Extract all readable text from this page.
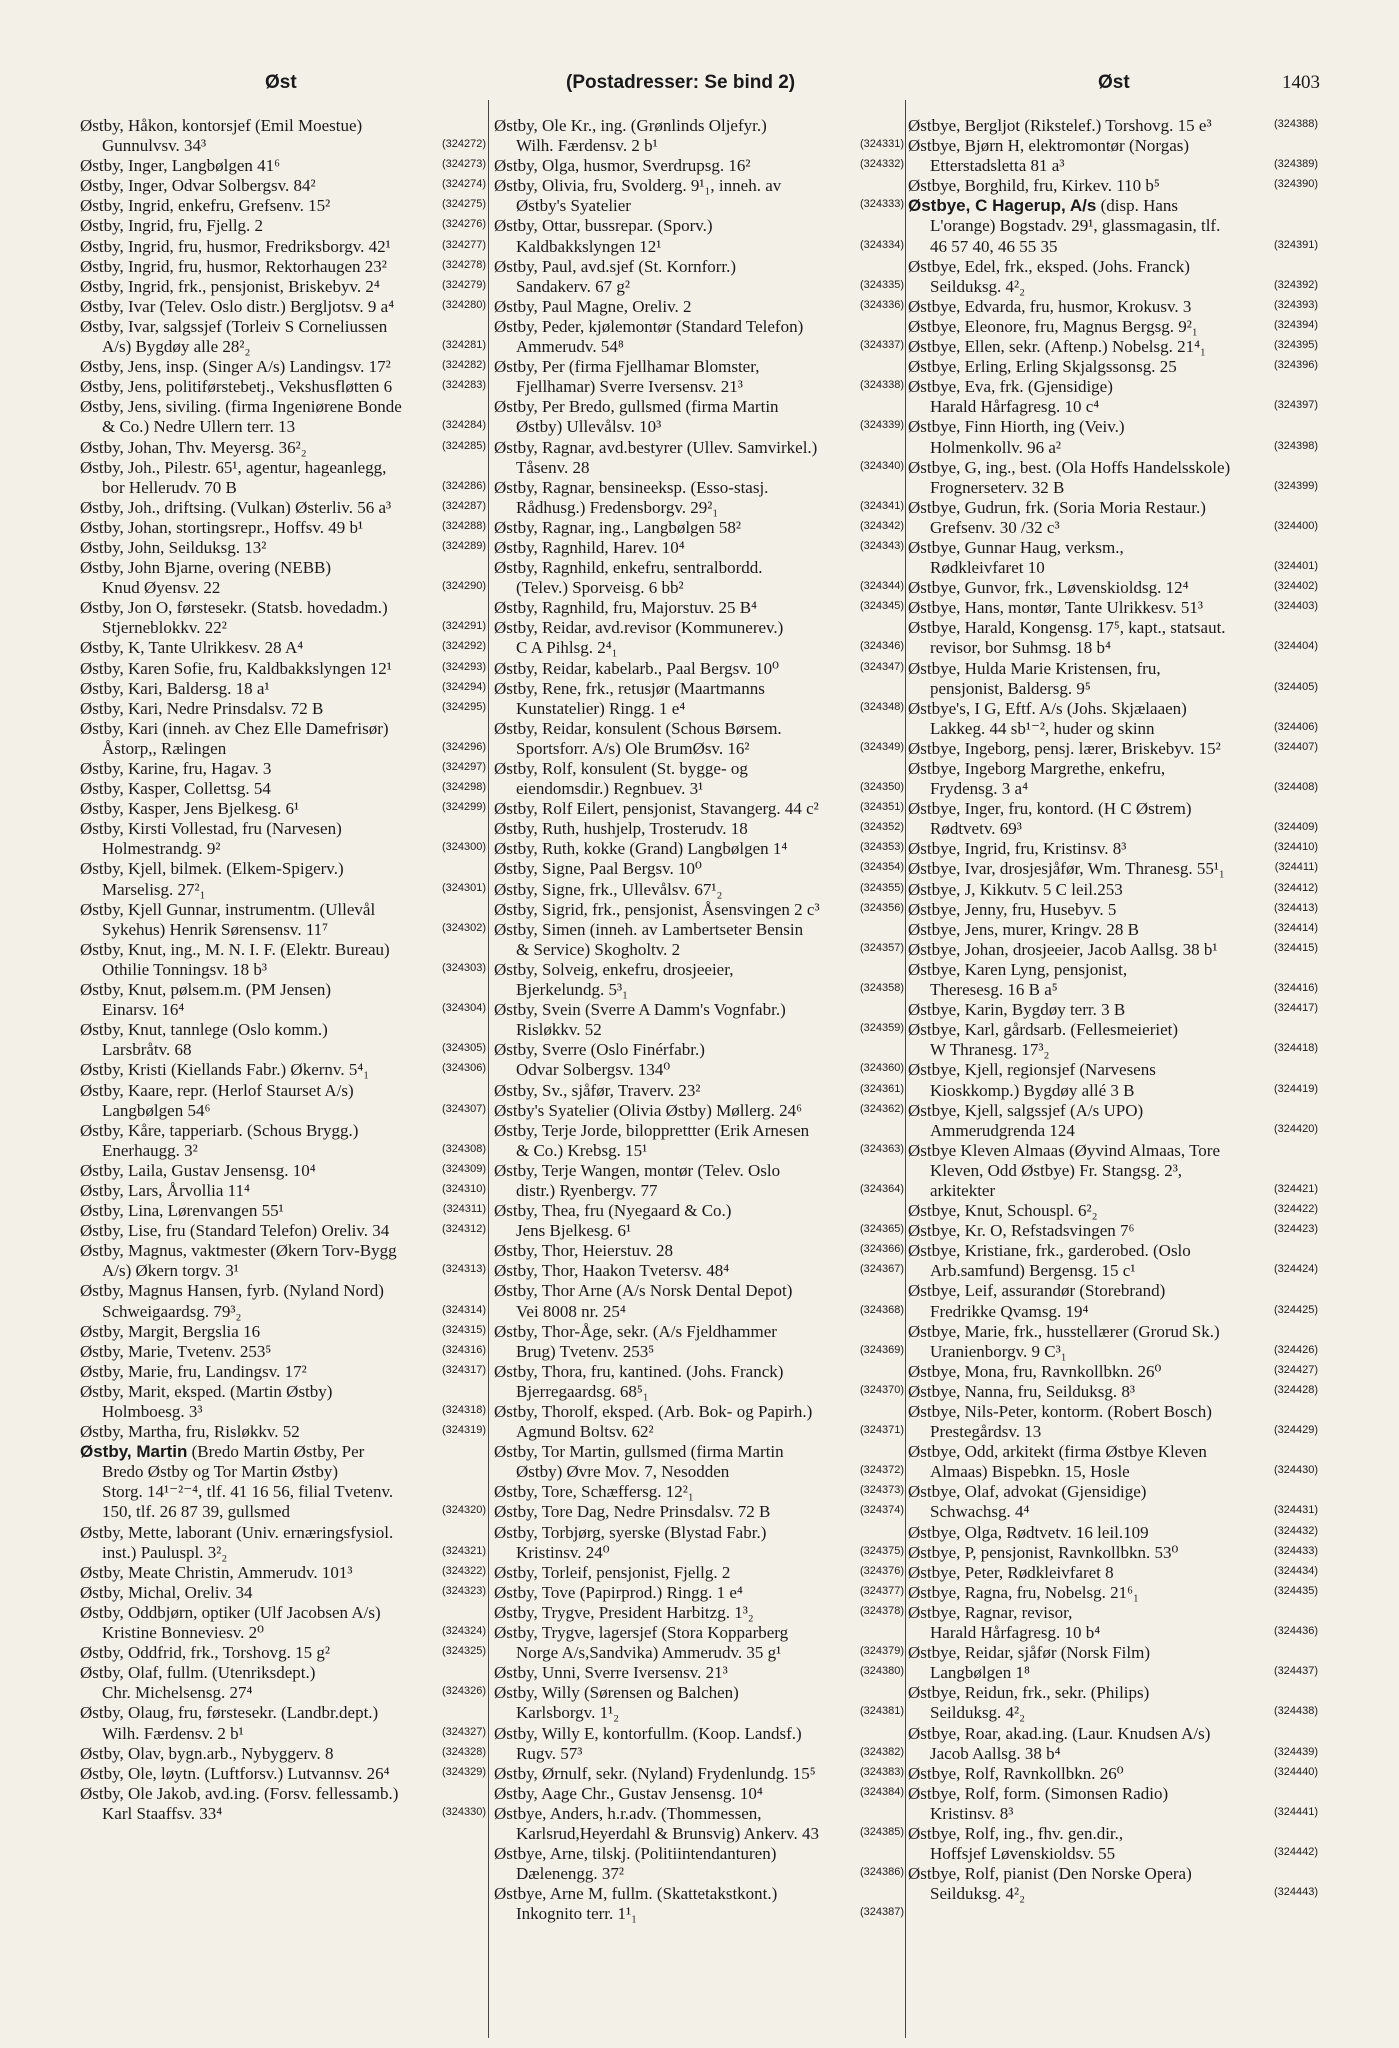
Øst	(Postadresser: Se bind 2)	Øst	1403
Østby, Håkon, kontorsjef (Emil Moestue)
Gunnulvsv. 34³	(324272)
Østby, Inger, Langbølgen 41⁶	(324273)
Østby, Inger, Odvar Solbergsv. 84²	(324274)
Østby, Ingrid, enkefru, Grefsenv. 15²	(324275)
Østby, Ingrid, fru, Fjellg. 2	(324276)
Østby, Ingrid, fru, husmor, Fredriksborgv. 42¹	(324277)
Østby, Ingrid, fru, husmor, Rektorhaugen 23²	(324278)
Østby, Ingrid, frk., pensjonist, Briskebyv. 2⁴	(324279)
Østby, Ivar (Telev. Oslo distr.) Bergljotsv. 9 a⁴	(324280)
Østby, Ivar, salgssjef (Torleiv S Corneliussen
A/s) Bygdøy alle 28²₂	(324281)
Østby, Jens, insp. (Singer A/s) Landingsv. 17²	(324282)
Østby, Jens, politiførstebetj., Vekshusfløtten 6	(324283)
Østby, Jens, siviling. (firma Ingeniørene Bonde
& Co.) Nedre Ullern terr. 13	(324284)
Østby, Johan, Thv. Meyersg. 36²₂	(324285)
Østby, Joh., Pilestr. 65¹, agentur, hageanlegg,
bor Hellerudv. 70 B	(324286)
Østby, Joh., driftsing. (Vulkan) Østerliv. 56 a³	(324287)
Østby, Johan, stortingsrepr., Hoffsv. 49 b¹	(324288)
Østby, John, Seilduksg. 13²	(324289)
Østby, John Bjarne, overing (NEBB)
Knud Øyensv. 22	(324290)
Østby, Jon O, førstesekr. (Statsb. hovedadm.)
Stjerneblokkv. 22²	(324291)
Østby, K, Tante Ulrikkesv. 28 A⁴	(324292)
Østby, Karen Sofie, fru, Kaldbakkslyngen 12¹	(324293)
Østby, Kari, Baldersg. 18 a¹	(324294)
Østby, Kari, Nedre Prinsdalsv. 72 B	(324295)
Østby, Kari (inneh. av Chez Elle Damefrisør)
Åstorp,, Rælingen	(324296)
Østby, Karine, fru, Hagav. 3	(324297)
Østby, Kasper, Collettsg. 54	(324298)
Østby, Kasper, Jens Bjelkesg. 6¹	(324299)
Østby, Kirsti Vollestad, fru (Narvesen)
Holmestrandg. 9²	(324300)
Østby, Kjell, bilmek. (Elkem-Spigerv.)
Marselisg. 27²₁	(324301)
Østby, Kjell Gunnar, instrumentm. (Ullevål
Sykehus) Henrik Sørensensv. 11⁷	(324302)
Østby, Knut, ing., M. N. I. F. (Elektr. Bureau)
Othilie Tonningsv. 18 b³	(324303)
Østby, Knut, pølsem.m. (PM Jensen)
Einarsv. 16⁴	(324304)
Østby, Knut, tannlege (Oslo komm.)
Larsbråtv. 68	(324305)
Østby, Kristi (Kiellands Fabr.) Økernv. 5⁴₁	(324306)
Østby, Kaare, repr. (Herlof Staurset A/s)
Langbølgen 54⁶	(324307)
Østby, Kåre, tapperiarb. (Schous Brygg.)
Enerhaugg. 3²	(324308)
Østby, Laila, Gustav Jensensg. 10⁴	(324309)
Østby, Lars, Årvollia 11⁴	(324310)
Østby, Lina, Lørenvangen 55¹	(324311)
Østby, Lise, fru (Standard Telefon) Oreliv. 34	(324312)
Østby, Magnus, vaktmester (Økern Torv-Bygg
A/s) Økern torgv. 3¹	(324313)
Østby, Magnus Hansen, fyrb. (Nyland Nord)
Schweigaardsg. 79³₂	(324314)
Østby, Margit, Bergslia 16	(324315)
Østby, Marie, Tvetenv. 253⁵	(324316)
Østby, Marie, fru, Landingsv. 17²	(324317)
Østby, Marit, eksped. (Martin Østby)
Holmboesg. 3³	(324318)
Østby, Martha, fru, Risløkkv. 52	(324319)
Østby, Martin (Bredo Martin Østby, Per
Bredo Østby og Tor Martin Østby)
Storg. 14¹⁻²⁻⁴, tlf. 41 16 56, filial Tvetenv.
150, tlf. 26 87 39, gullsmed	(324320)
Østby, Mette, laborant (Univ. ernæringsfysiol.
inst.) Pauluspl. 3²₂	(324321)
Østby, Meate Christin, Ammerudv. 101³	(324322)
Østby, Michal, Oreliv. 34	(324323)
Østby, Oddbjørn, optiker (Ulf Jacobsen A/s)
Kristine Bonneviesv. 2⁰	(324324)
Østby, Oddfrid, frk., Torshovg. 15 g²	(324325)
Østby, Olaf, fullm. (Utenriksdept.)
Chr. Michelsensg. 27⁴	(324326)
Østby, Olaug, fru, førstesekr. (Landbr.dept.)
Wilh. Færdensv. 2 b¹	(324327)
Østby, Olav, bygn.arb., Nybyggerv. 8	(324328)
Østby, Ole, løytn. (Luftforsv.) Lutvannsv. 26⁴	(324329)
Østby, Ole Jakob, avd.ing. (Forsv. fellessamb.)
Karl Staaffsv. 33⁴	(324330)
Østby, Ole Kr., ing. (Grønlinds Oljefyr.)
Wilh. Færdensv. 2 b¹	(324331)
Østby, Olga, husmor, Sverdrupsg. 16²	(324332)
Østby, Olivia, fru, Svolderg. 9¹₁, inneh. av
Østby's Syatelier	(324333)
Østby, Ottar, bussrepar. (Sporv.)
Kaldbakkslyngen 12¹	(324334)
Østby, Paul, avd.sjef (St. Kornforr.)
Sandakerv. 67 g²	(324335)
Østby, Paul Magne, Oreliv. 2	(324336)
Østby, Peder, kjølemontør (Standard Telefon)
Ammerudv. 54⁸	(324337)
Østby, Per (firma Fjellhamar Blomster,
Fjellhamar) Sverre Iversensv. 21³	(324338)
Østby, Per Bredo, gullsmed (firma Martin
Østby) Ullevålsv. 10³	(324339)
Østby, Ragnar, avd.bestyrer (Ullev. Samvirkel.)
Tåsenv. 28	(324340)
Østby, Ragnar, bensineeksp. (Esso-stasj.
Rådhusg.) Fredensborgv. 29²₁	(324341)
Østby, Ragnar, ing., Langbølgen 58²	(324342)
Østby, Ragnhild, Harev. 10⁴	(324343)
Østby, Ragnhild, enkefru, sentralbordd.
(Telev.) Sporveisg. 6 bb²	(324344)
Østby, Ragnhild, fru, Majorstuv. 25 B⁴	(324345)
Østby, Reidar, avd.revisor (Kommunerev.)
C A Pihlsg. 2⁴₁	(324346)
Østby, Reidar, kabelarb., Paal Bergsv. 10⁰	(324347)
Østby, Rene, frk., retusjør (Maartmanns
Kunstatelier) Ringg. 1 e⁴	(324348)
Østby, Reidar, konsulent (Schous Børsem.
Sportsforr. A/s) Ole BrumØsv. 16²	(324349)
Østby, Rolf, konsulent (St. bygge- og
eiendomsdir.) Regnbuev. 3¹	(324350)
Østby, Rolf Eilert, pensjonist, Stavangerg. 44 c²	(324351)
Østby, Ruth, hushjelp, Trosterudv. 18	(324352)
Østby, Ruth, kokke (Grand) Langbølgen 1⁴	(324353)
Østby, Signe, Paal Bergsv. 10⁰	(324354)
Østby, Signe, frk., Ullevålsv. 67¹₂	(324355)
Østby, Sigrid, frk., pensjonist, Åsensvingen 2 c³	(324356)
Østby, Simen (inneh. av Lambertseter Bensin
& Service) Skogholtv. 2	(324357)
Østby, Solveig, enkefru, drosjeeier,
Bjerkelundg. 5³₁	(324358)
Østby, Svein (Sverre A Damm's Vognfabr.)
Risløkkv. 52	(324359)
Østby, Sverre (Oslo Finérfabr.)
Odvar Solbergsv. 134⁰	(324360)
Østby, Sv., sjåfør, Traverv. 23²	(324361)
Østby's Syatelier (Olivia Østby) Møllerg. 24⁶	(324362)
Østby, Terje Jorde, bilopprettter (Erik Arnesen
& Co.) Krebsg. 15¹	(324363)
Østby, Terje Wangen, montør (Telev. Oslo
distr.) Ryenbergv. 77	(324364)
Østby, Thea, fru (Nyegaard & Co.)
Jens Bjelkesg. 6¹	(324365)
Østby, Thor, Heierstuv. 28	(324366)
Østby, Thor, Haakon Tvetersv. 48⁴	(324367)
Østby, Thor Arne (A/s Norsk Dental Depot)
Vei 8008 nr. 25⁴	(324368)
Østby, Thor-Åge, sekr. (A/s Fjeldhammer
Brug) Tvetenv. 253⁵	(324369)
Østby, Thora, fru, kantined. (Johs. Franck)
Bjerregaardsg. 68⁵₁	(324370)
Østby, Thorolf, eksped. (Arb. Bok- og Papirh.)
Agmund Boltsv. 62²	(324371)
Østby, Tor Martin, gullsmed (firma Martin
Østby) Øvre Mov. 7, Nesodden	(324372)
Østby, Tore, Schæffersg. 12²₁	(324373)
Østby, Tore Dag, Nedre Prinsdalsv. 72 B	(324374)
Østby, Torbjørg, syerske (Blystad Fabr.)
Kristinsv. 24⁰	(324375)
Østby, Torleif, pensjonist, Fjellg. 2	(324376)
Østby, Tove (Papirprod.) Ringg. 1 e⁴	(324377)
Østby, Trygve, President Harbitzg. 1³₂	(324378)
Østby, Trygve, lagersjef (Stora Kopparberg
Norge A/s,Sandvika) Ammerudv. 35 g¹	(324379)
Østby, Unni, Sverre Iversensv. 21³	(324380)
Østby, Willy (Sørensen og Balchen)
Karlsborgv. 1¹₂	(324381)
Østby, Willy E, kontorfullm. (Koop. Landsf.)
Rugv. 57³	(324382)
Østby, Ørnulf, sekr. (Nyland) Frydenlundg. 15⁵	(324383)
Østby, Aage Chr., Gustav Jensensg. 10⁴	(324384)
Østbye, Anders, h.r.adv. (Thommessen,
Karlsrud,Heyerdahl & Brunsvig) Ankerv. 43	(324385)
Østbye, Arne, tilskj. (Politiintendanturen)
Dælenengg. 37²	(324386)
Østbye, Arne M, fullm. (Skattetakstkont.)
Inkognito terr. 1¹₁	(324387)
Østbye, Bergljot (Rikstelef.) Torshovg. 15 e³	(324388)
Østbye, Bjørn H, elektromontør (Norgas)
Etterstadsletta 81 a³	(324389)
Østbye, Borghild, fru, Kirkev. 110 b⁵	(324390)
Østbye, C Hagerup, A/s (disp. Hans
L'orange) Bogstadv. 29¹, glassmagasin, tlf.
46 57 40, 46 55 35	(324391)
Østbye, Edel, frk., eksped. (Johs. Franck)
Seilduksg. 4²₂	(324392)
Østbye, Edvarda, fru, husmor, Krokusv. 3	(324393)
Østbye, Eleonore, fru, Magnus Bergsg. 9²₁	(324394)
Østbye, Ellen, sekr. (Aftenp.) Nobelsg. 21⁴₁	(324395)
Østbye, Erling, Erling Skjalgssonsg. 25	(324396)
Østbye, Eva, frk. (Gjensidige)
Harald Hårfagresg. 10 c⁴	(324397)
Østbye, Finn Hiorth, ing (Veiv.)
Holmenkollv. 96 a²	(324398)
Østbye, G, ing., best. (Ola Hoffs Handelsskole)
Frognerseterv. 32 B	(324399)
Østbye, Gudrun, frk. (Soria Moria Restaur.)
Grefsenv. 30 /32 c³	(324400)
Østbye, Gunnar Haug, verksm.,
Rødkleivfaret 10	(324401)
Østbye, Gunvor, frk., Løvenskioldsg. 12⁴	(324402)
Østbye, Hans, montør, Tante Ulrikkesv. 51³	(324403)
Østbye, Harald, Kongensg. 17⁵, kapt., statsaut.
revisor, bor Suhmsg. 18 b⁴	(324404)
Østbye, Hulda Marie Kristensen, fru,
pensjonist, Baldersg. 9⁵	(324405)
Østbye's, I G, Eftf. A/s (Johs. Skjælaaen)
Lakkeg. 44 sb¹⁻², huder og skinn	(324406)
Østbye, Ingeborg, pensj. lærer, Briskebyv. 15²	(324407)
Østbye, Ingeborg Margrethe, enkefru,
Frydensg. 3 a⁴	(324408)
Østbye, Inger, fru, kontord. (H C Østrem)
Rødtvetv. 69³	(324409)
Østbye, Ingrid, fru, Kristinsv. 8³	(324410)
Østbye, Ivar, drosjesjåfør, Wm. Thranesg. 55¹₁	(324411)
Østbye, J, Kikkutv. 5 C leil.253	(324412)
Østbye, Jenny, fru, Husebyv. 5	(324413)
Østbye, Jens, murer, Kringv. 28 B	(324414)
Østbye, Johan, drosjeeier, Jacob Aallsg. 38 b¹	(324415)
Østbye, Karen Lyng, pensjonist,
Theresesg. 16 B a⁵	(324416)
Østbye, Karin, Bygdøy terr. 3 B	(324417)
Østbye, Karl, gårdsarb. (Fellesmeieriet)
W Thranesg. 17³₂	(324418)
Østbye, Kjell, regionsjef (Narvesens
Kioskkomp.) Bygdøy allé 3 B	(324419)
Østbye, Kjell, salgssjef (A/s UPO)
Ammerudgrenda 124	(324420)
Østbye Kleven Almaas (Øyvind Almaas, Tore
Kleven, Odd Østbye) Fr. Stangsg. 2³,
arkitekter	(324421)
Østbye, Knut, Schouspl. 6²₂	(324422)
Østbye, Kr. O, Refstadsvingen 7⁶	(324423)
Østbye, Kristiane, frk., garderobed. (Oslo
Arb.samfund) Bergensg. 15 c¹	(324424)
Østbye, Leif, assurandør (Storebrand)
Fredrikke Qvamsg. 19⁴	(324425)
Østbye, Marie, frk., husstellærer (Grorud Sk.)
Uranienborgv. 9 C³₁	(324426)
Østbye, Mona, fru, Ravnkollbkn. 26⁰	(324427)
Østbye, Nanna, fru, Seilduksg. 8³	(324428)
Østbye, Nils-Peter, kontorm. (Robert Bosch)
Prestegårdsv. 13	(324429)
Østbye, Odd, arkitekt (firma Østbye Kleven
Almaas) Bispebkn. 15, Hosle	(324430)
Østbye, Olaf, advokat (Gjensidige)
Schwachsg. 4⁴	(324431)
Østbye, Olga, Rødtvetv. 16 leil.109	(324432)
Østbye, P, pensjonist, Ravnkollbkn. 53⁰	(324433)
Østbye, Peter, Rødkleivfaret 8	(324434)
Østbye, Ragna, fru, Nobelsg. 21⁶₁	(324435)
Østbye, Ragnar, revisor,
Harald Hårfagresg. 10 b⁴	(324436)
Østbye, Reidar, sjåfør (Norsk Film)
Langbølgen 1⁸	(324437)
Østbye, Reidun, frk., sekr. (Philips)
Seilduksg. 4²₂	(324438)
Østbye, Roar, akad.ing. (Laur. Knudsen A/s)
Jacob Aallsg. 38 b⁴	(324439)
Østbye, Rolf, Ravnkollbkn. 26⁰	(324440)
Østbye, Rolf, form. (Simonsen Radio)
Kristinsv. 8³	(324441)
Østbye, Rolf, ing., fhv. gen.dir.,
Hoffsjef Løvenskioldsv. 55	(324442)
Østbye, Rolf, pianist (Den Norske Opera)
Seilduksg. 4²₂	(324443)
